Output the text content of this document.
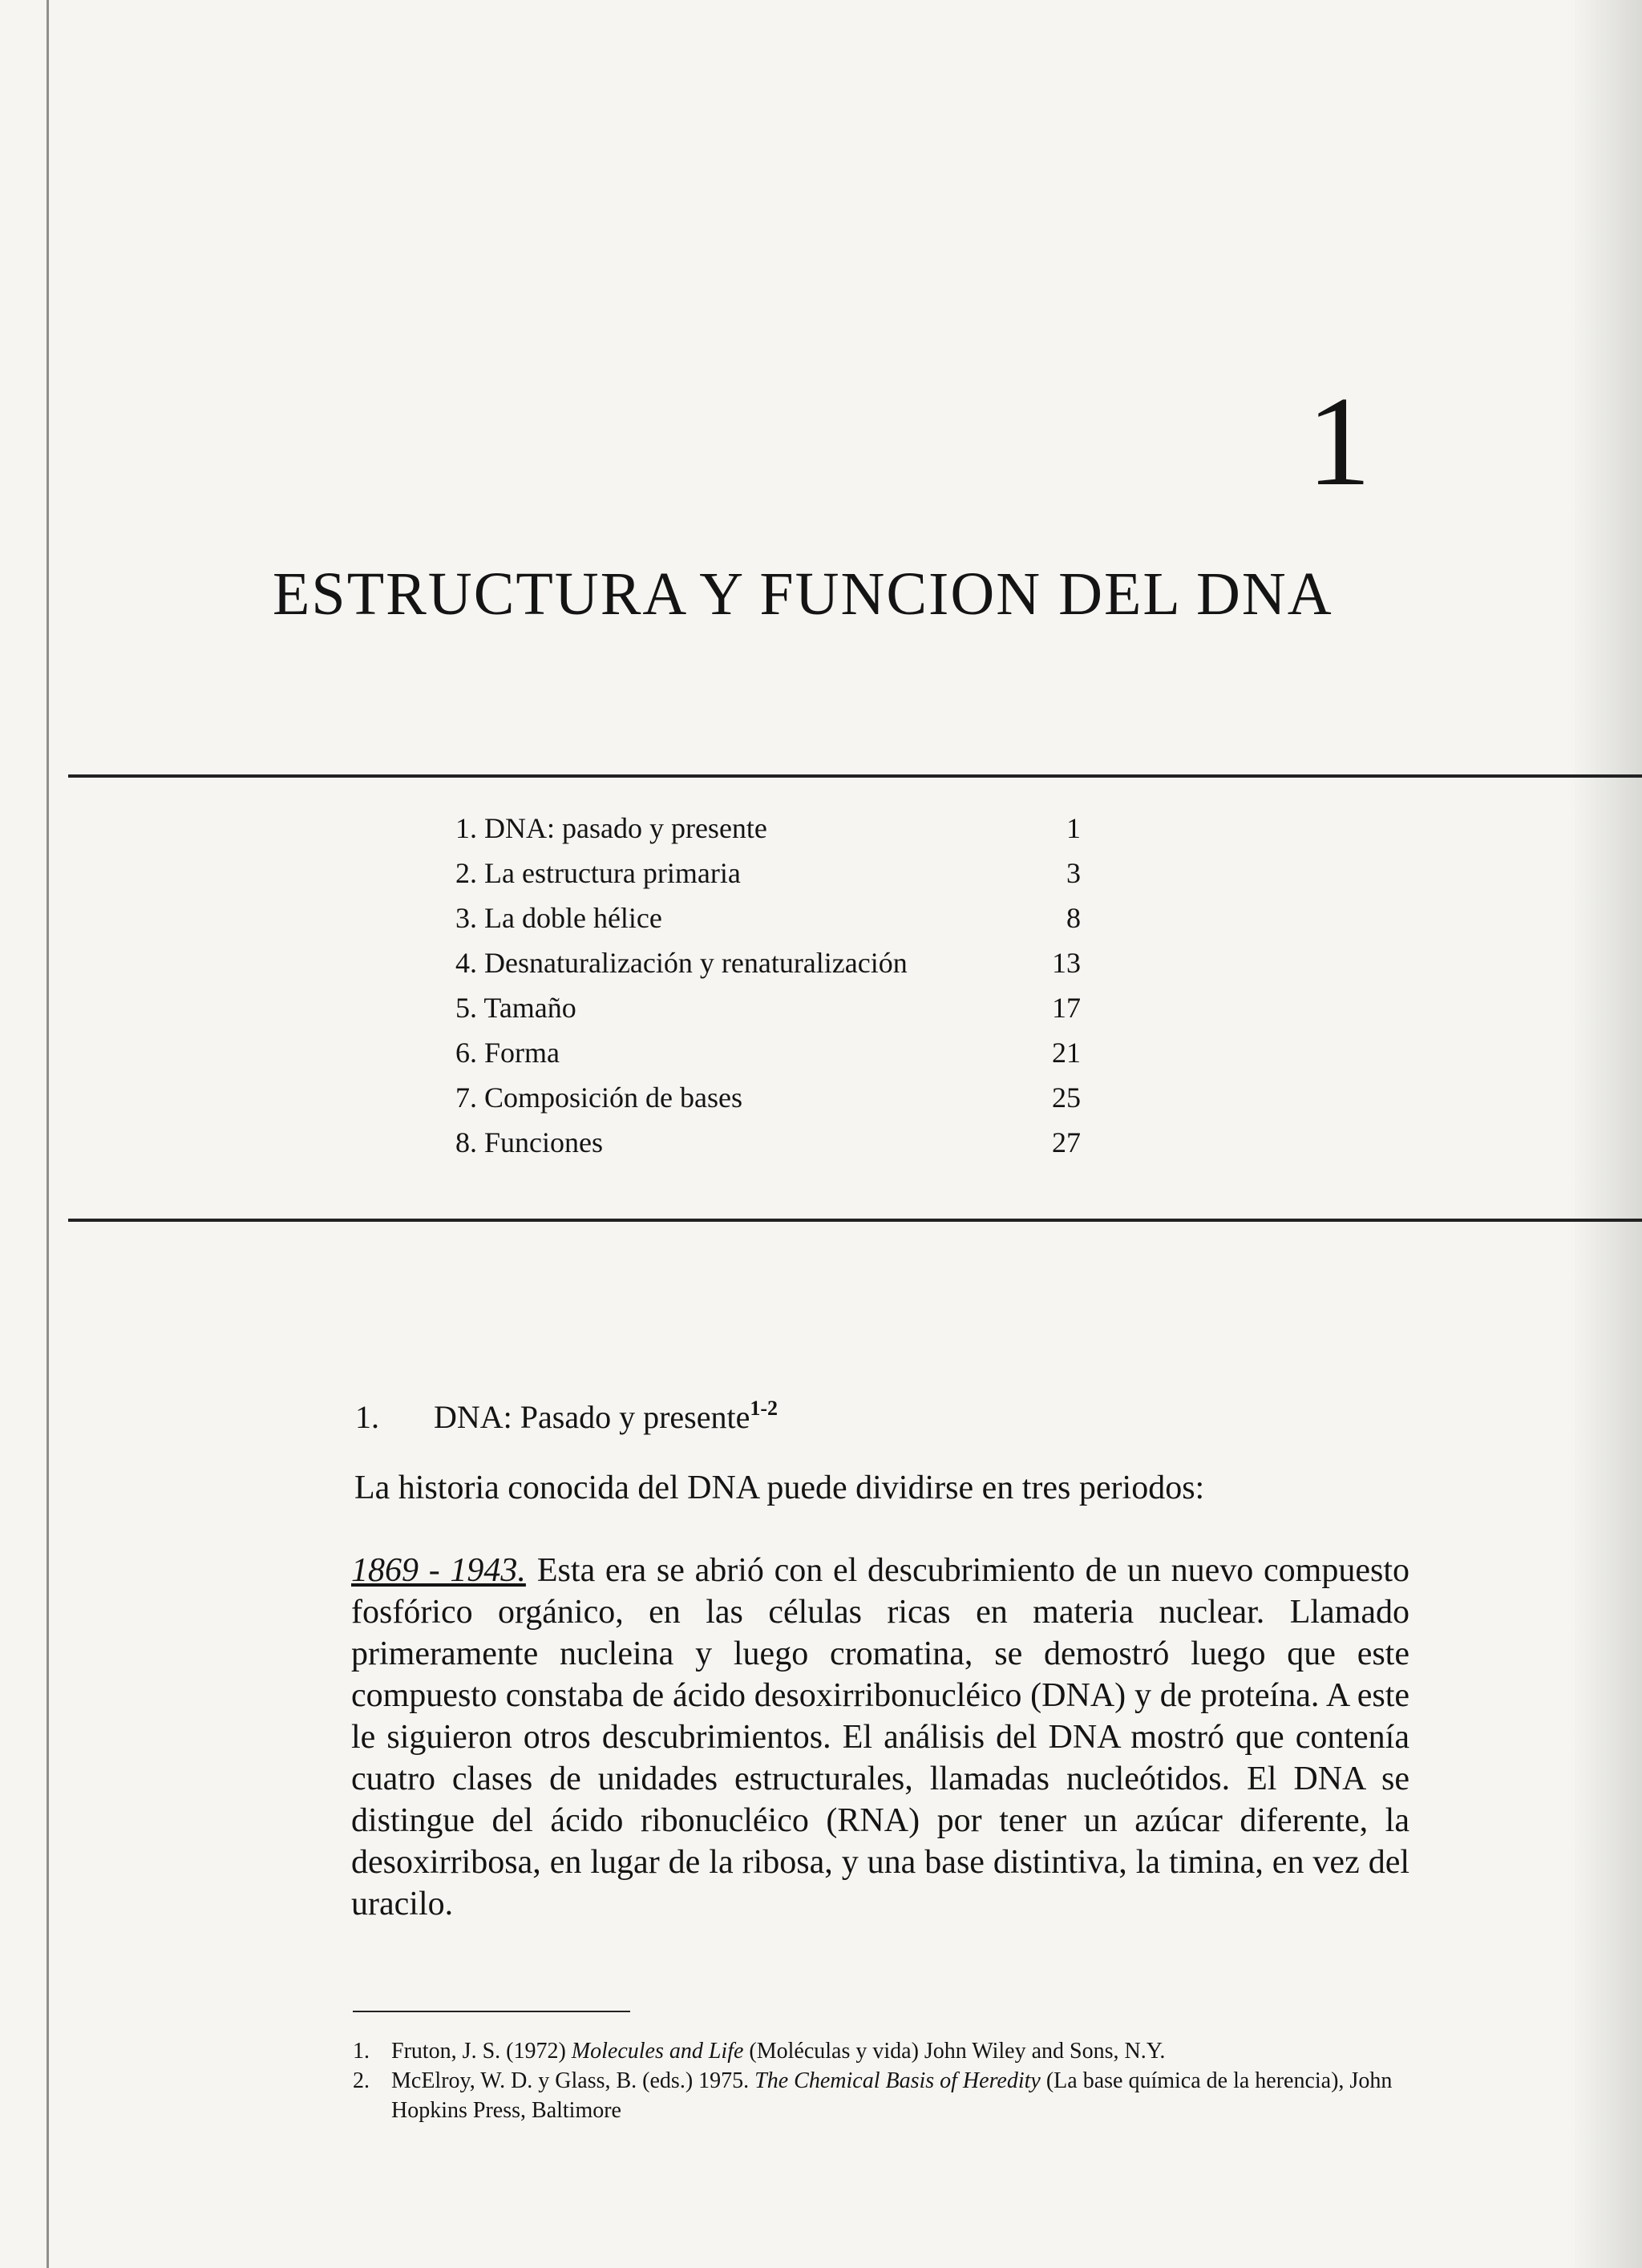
1
ESTRUCTURA Y FUNCION DEL DNA
1. DNA: pasado y presente	1
2. La estructura primaria	3
3. La doble hélice	8
4. Desnaturalización y renaturalización	13
5. Tamaño	17
6. Forma	21
7. Composición de bases	25
8. Funciones	27
1. DNA: Pasado y presente$^{1-2}$

La historia conocida del DNA puede dividirse en tres periodos:

1869 - 1943. Esta era se abrió con el descubrimiento de un nuevo compuesto fosfórico orgánico, en las células ricas en materia nuclear. Llamado primeramente nucleina y luego cromatina, se demostró luego que este compuesto constaba de ácido desoxirribonucléico (DNA) y de proteína. A este le siguieron otros descubrimientos. El análisis del DNA mostró que contenía cuatro clases de unidades estructurales, llamadas nucleótidos. El DNA se distingue del ácido ribonucléico (RNA) por tener un azúcar diferente, la desoxirribosa, en lugar de la ribosa, y una base distintiva, la timina, en vez del uracilo.

1. Fruton, J. S. (1972) Molecules and Life (Moléculas y vida) John Wiley and Sons, N.Y.
2. McElroy, W. D. y Glass, B. (eds.) 1975. The Chemical Basis of Heredity (La base química de la herencia), John Hopkins Press, Baltimore
